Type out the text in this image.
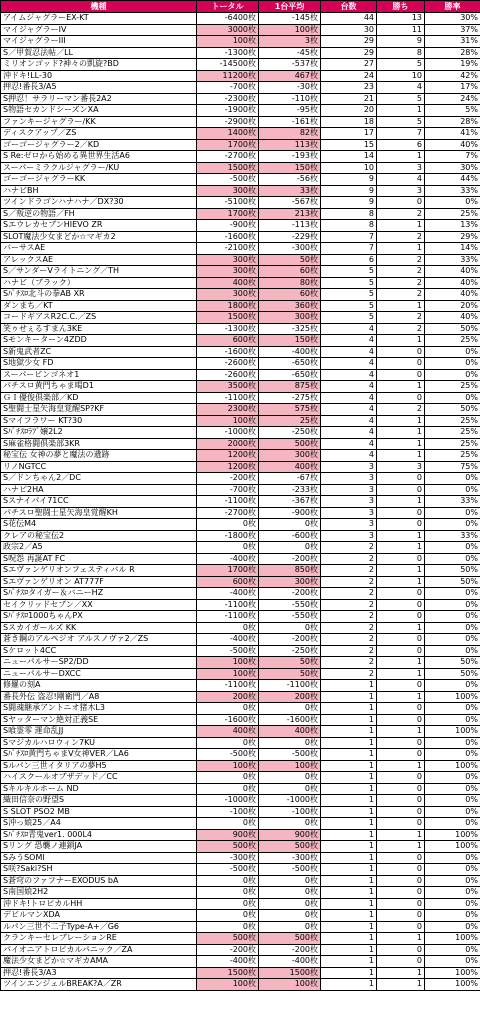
機種	トータル	1台平均	台数	勝ち	勝率
アイムジャグラーEX-KT	-6400枚	-145枚	44	13	30%
マイジャグラーIV	3000枚	100枚	30	11	37%
マイジャグラーIII	100枚	3枚	29	9	31%
S／甲賀忍法帖／LL	-1300枚	-45枚	29	8	28%
ミリオンゴッド?神々の凱旋?BD	-14500枚	-537枚	27	5	19%
沖ドキ!LL-30	11200枚	467枚	24	10	42%
押忍!番長3/A5	-700枚	-30枚	23	4	17%
S押忍！サラリーマン番長2A2	-2300枚	-110枚	21	5	24%
S物語セカンドシーズンXA	-1900枚	-95枚	20	1	5%
ファンキージャグラー/KK	-2900枚	-161枚	18	5	28%
ディスクアップ／ZS	1400枚	82枚	17	7	41%
ゴーゴージャグラー2／KD	1700枚	113枚	15	6	40%
S Re:ゼロから始める異世界生活A6	-2700枚	-193枚	14	1	7%
スーパーミラクルジャグラー/KU	1500枚	150枚	10	3	30%
ゴーゴージャグラーKK	-500枚	-56枚	9	4	44%
ハナビBH	300枚	33枚	9	3	33%
ツインドラゴンハナハナ／DX?30	-5100枚	-567枚	9	0	0%
S／叛逆の物語／FH	1700枚	213枚	8	2	25%
SエウレカセブンHIEVO ZR	-900枚	-113枚	8	1	13%
SLOT魔法少女まどか☆マギカ2	-1600枚	-229枚	7	2	29%
バーサスAE	-2100枚	-300枚	7	1	14%
アレックスAE	300枚	50枚	6	2	33%
S／サンダーVライトニング／TH	300枚	60枚	5	2	40%
ハナビ（ブラック）	400枚	80枚	5	2	40%
Sﾊﾟﾁｽﾛ北斗の拳AB XR	300枚	60枚	5	2	40%
ダンまち／KT	1800枚	360枚	5	1	20%
コードギアスR2C.C.／ZS	1500枚	300枚	5	2	40%
笑ゥせぇるすまん3KE	-1300枚	-325枚	4	2	50%
Sモンキーターン4ZDD	600枚	150枚	4	1	25%
S新鬼武者ZC	-1600枚	-400枚	4	0	0%
S地獄少女 FD	-2600枚	-650枚	4	0	0%
スーパービンゴネオ1	-2600枚	-650枚	4	0	0%
パチスロ黄門ちゃま喝D1	3500枚	875枚	4	1	25%
ＧＩ優俊倶楽部／KD	-1100枚	-275枚	4	0	0%
S聖闘士星矢海皇覚醒SP?KF	2300枚	575枚	4	2	50%
Sマイフラワー KT?30	100枚	25枚	4	1	25%
Sﾊﾟﾁｽﾛﾗﾌﾞ嬢2L2	-1000枚	-250枚	4	1	25%
S麻雀格闘倶楽部3KR	2000枚	500枚	4	1	25%
秘宝伝 女神の夢と魔法の遺跡	1200枚	300枚	4	1	25%
リノNGTCC	1200枚	400枚	3	3	75%
S／ドンちゃん2／DC	-200枚	-67枚	3	0	0%
ハナビ2HA	-700枚	-233枚	3	0	0%
Sスナイパイ71CC	-1100枚	-367枚	3	1	33%
パチスロ聖闘士星矢海皇覚醒KH	-2700枚	-900枚	3	0	0%
S花伝M4	0枚	0枚	3	0	0%
クレアの秘宝伝2	-1800枚	-600枚	3	1	33%
政宗2／A5	0枚	0枚	2	1	0%
S呪怨 再誕AT FC	-400枚	-200枚	2	0	0%
Sエヴァンゲリオンフェスティバル R	1700枚	850枚	2	1	50%
Sエヴァンゲリオン AT777F	600枚	300枚	2	1	50%
Sﾊﾟﾁｽﾛタイガー＆バニーHZ	-400枚	-200枚	2	0	0%
セイクリッドセブン／XX	-1100枚	-550枚	2	0	0%
Sﾊﾟﾁｽﾛ1000ちゃんPX	-1100枚	-550枚	2	0	0%
Sスカイガールズ KK	0枚	0枚	2	1	0%
蒼き鋼のアルペジオ アルスノヴァ2／ZS	-400枚	-200枚	2	0	0%
Sケロット4CC	-500枚	-250枚	2	0	0%
ニューパルサーSP2/DD	100枚	50枚	2	1	50%
ニューパルサーDXCC	100枚	50枚	2	1	50%
修羅の刻A	-1100枚	-1100枚	1	0	0%
番長外伝 盗忍!剛衛門／A8	200枚	200枚	1	1	100%
S闘魂継承アントニオ猪木L3	0枚	0枚	1	0	0%
Sヤッターマン絶対正義SE	-1600枚	-1600枚	1	0	0%
S喰霊零 運命乱JJ	400枚	400枚	1	1	100%
Sマジカルハロウィン7KU	0枚	0枚	1	0	0%
Sﾊﾟﾁｽﾛ黄門ちゃまV女神VER／LA6	-500枚	-500枚	1	0	0%
Sルパン三世イタリアの夢H5	100枚	100枚	1	1	100%
ハイスクールオブザデッド／CC	0枚	0枚	1	0	0%
Sキルキルホーム ND	0枚	0枚	1	0	0%
織田信奈の野望S	-1000枚	-1000枚	1	0	0%
S SLOT PSO2 MB	-100枚	-100枚	1	0	0%
S沖っ娘25／A4	0枚	0枚	1	0	0%
Sﾊﾟﾁｽﾛ青鬼ver1. 000L4	900枚	900枚	1	1	100%
Sリング 恐襲ノ連鎖JA	500枚	500枚	1	1	100%
SみうSOMI	-300枚	-300枚	1	0	0%
S咲?Saki?SH	-500枚	-500枚	1	0	0%
S蒼穹のファフナーEXODUS bA	0枚	0枚	1	0	0%
S南国娘2H2	0枚	0枚	1	0	0%
沖ドキ!トロピカルHH	0枚	0枚	1	0	0%
デビルマンXDA	0枚	0枚	1	0	0%
ルパン三世不二子Type-A+／G6	0枚	0枚	1	0	0%
クランキーセレブレーションRE	500枚	500枚	1	1	100%
パイオニアトロピカルパニック／ZA	-200枚	-200枚	1	0	0%
魔法少女まどか☆マギカAMA	-400枚	-400枚	1	0	0%
押忍!番長3/A3	1500枚	1500枚	1	1	100%
ツインエンジェルBREAK?A／ZR	100枚	100枚	1	1	100%
